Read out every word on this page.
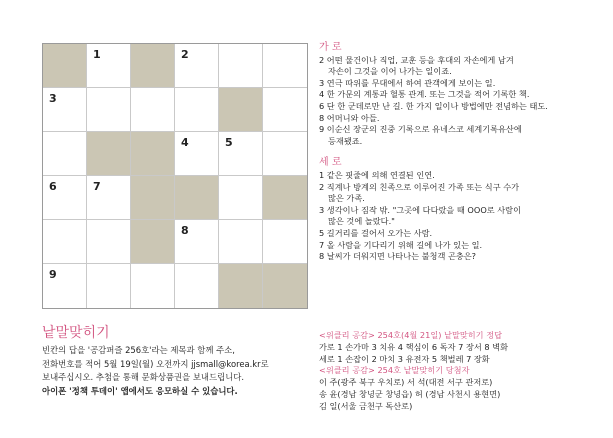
1	2
3
4	5
6	7
8
9
가 로
2 어떤 물건이나 직업, 교훈 등을 후대의 자손에게 남겨
자손이 그것을 이어 나가는 일이죠.
3 연극 따위를 무대에서 하여 관객에게 보이는 일.
4 한 가문의 계통과 혈통 관계. 또는 그것을 적어 기록한 책.
6 단 한 군데로만 난 길. 한 가지 일이나 방법에만 전념하는 태도.
8 어머니와 아들.
9 이순신 장군의 진중 기록으로 유네스코 세계기록유산에
등재됐죠.
세 로
1 같은 핏줄에 의해 연결된 인연.
2 직계나 방계의 친족으로 이루어진 가족 또는 식구 수가
많은 가족.
3 생각이나 짐작 밖. "그곳에 다다랐을 때 OOO로 사람이
많은 것에 놀랐다."
5 길거리를 걸어서 오가는 사람.
7 올 사람을 기다리기 위해 길에 나가 있는 일.
8 날씨가 더워지면 나타나는 불청객 곤충은?
낱말맞히기
빈칸의 답을 '공감퍼즐 256호'라는 제목과 함께 주소,
전화번호를 적어 5월 19일(월) 오전까지 jjsmall@korea.kr로
보내주십시오. 추첨을 통해 문화상품권을 보내드립니다.
아이폰 '정책 투데이' 앱에서도 응모하실 수 있습니다.
<위클리 공감> 254호(4월 21일) 낱말맞히기 정답
가로 1 손가마 3 치유 4 핵심이 6 독자 7 장서 8 벽화
세로 1 손잡이 2 마치 3 유전자 5 책벌레 7 장화
<위클리 공감> 254호 낱말맞히기 당첨자
이 주(광주 북구 우치로) 서 석(대전 서구 관저로)
송 윤(경남 창녕군 창녕읍) 허 (경남 사천시 용현면)
김 일(서울 금천구 독산로)
